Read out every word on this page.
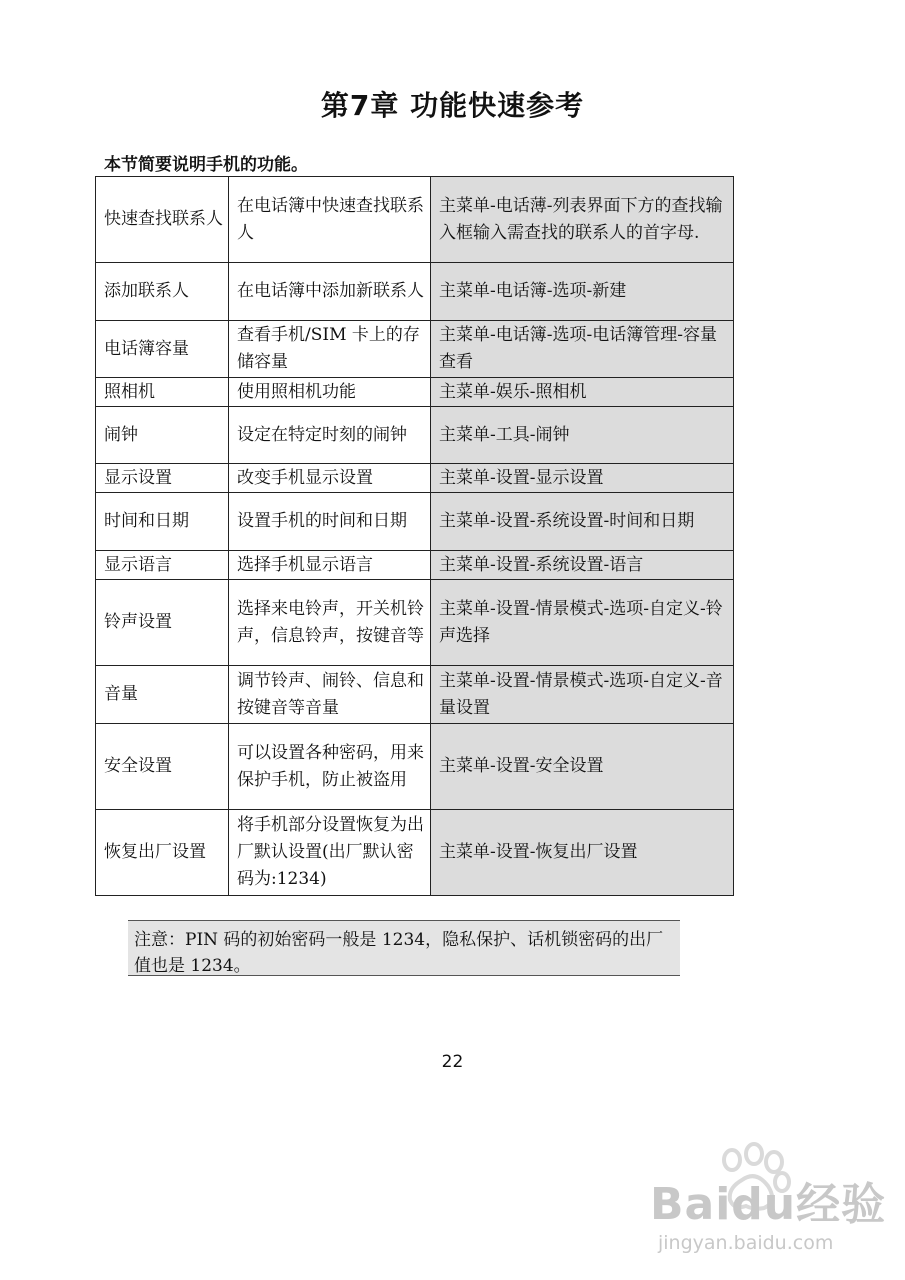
第7章 功能快速参考
本节简要说明手机的功能。
快速查找联系人	在电话簿中快速查找联系人	主菜单-电话薄-列表界面下方的查找输入框输入需查找的联系人的首字母.
添加联系人	在电话簿中添加新联系人	主菜单-电话簿-选项-新建
电话簿容量	查看手机/SIM 卡上的存储容量	主菜单-电话簿-选项-电话簿管理-容量查看
照相机	使用照相机功能	主菜单-娱乐-照相机
闹钟	设定在特定时刻的闹钟	主菜单-工具-闹钟
显示设置	改变手机显示设置	主菜单-设置-显示设置
时间和日期	设置手机的时间和日期	主菜单-设置-系统设置-时间和日期
显示语言	选择手机显示语言	主菜单-设置-系统设置-语言
铃声设置	选择来电铃声，开关机铃声，信息铃声，按键音等	主菜单-设置-情景模式-选项-自定义-铃声选择
音量	调节铃声、闹铃、信息和按键音等音量	主菜单-设置-情景模式-选项-自定义-音量设置
安全设置	可以设置各种密码，用来保护手机，防止被盗用	主菜单-设置-安全设置
恢复出厂设置	将手机部分设置恢复为出厂默认设置(出厂默认密码为:1234)	主菜单-设置-恢复出厂设置
注意：PIN 码的初始密码一般是 1234，隐私保护、话机锁密码的出厂值也是 1234。
22
Baidu经验
jingyan.baidu.com
